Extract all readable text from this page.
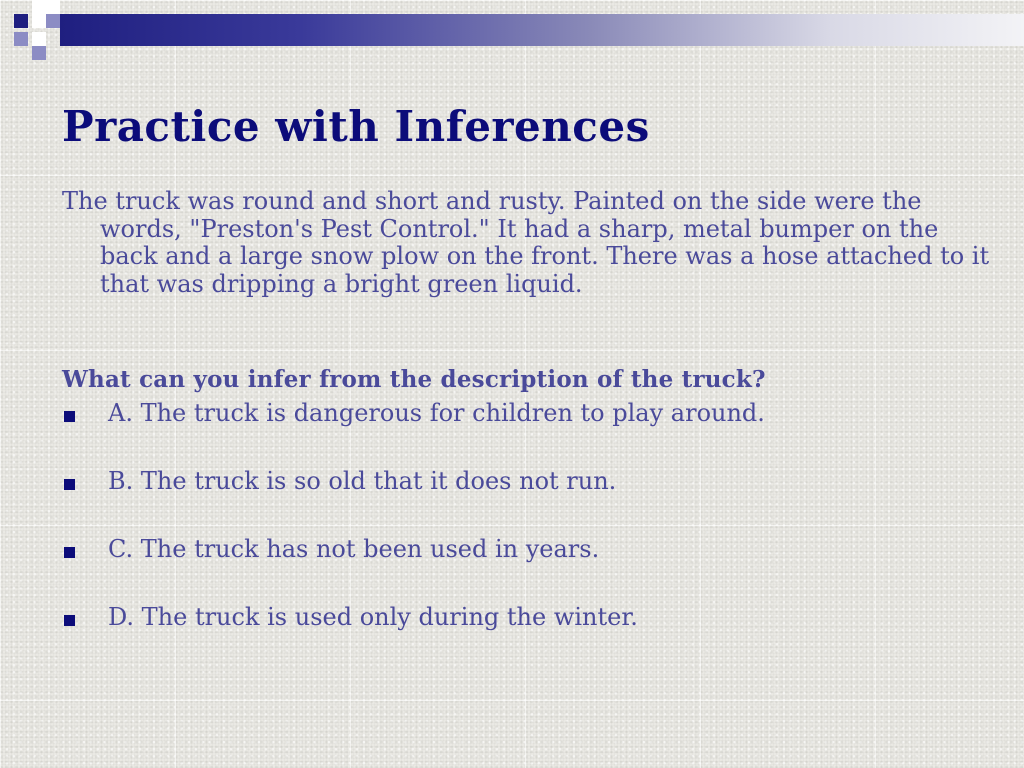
Practice with Inferences

The truck was round and short and rusty. Painted on the side were the words, "Preston's Pest Control." It had a sharp, metal bumper on the back and a large snow plow on the front. There was a hose attached to it that was dripping a bright green liquid.

What can you infer from the description of the truck?

A. The truck is dangerous for children to play around.
B. The truck is so old that it does not run.
C. The truck has not been used in years.
D. The truck is used only during the winter.
